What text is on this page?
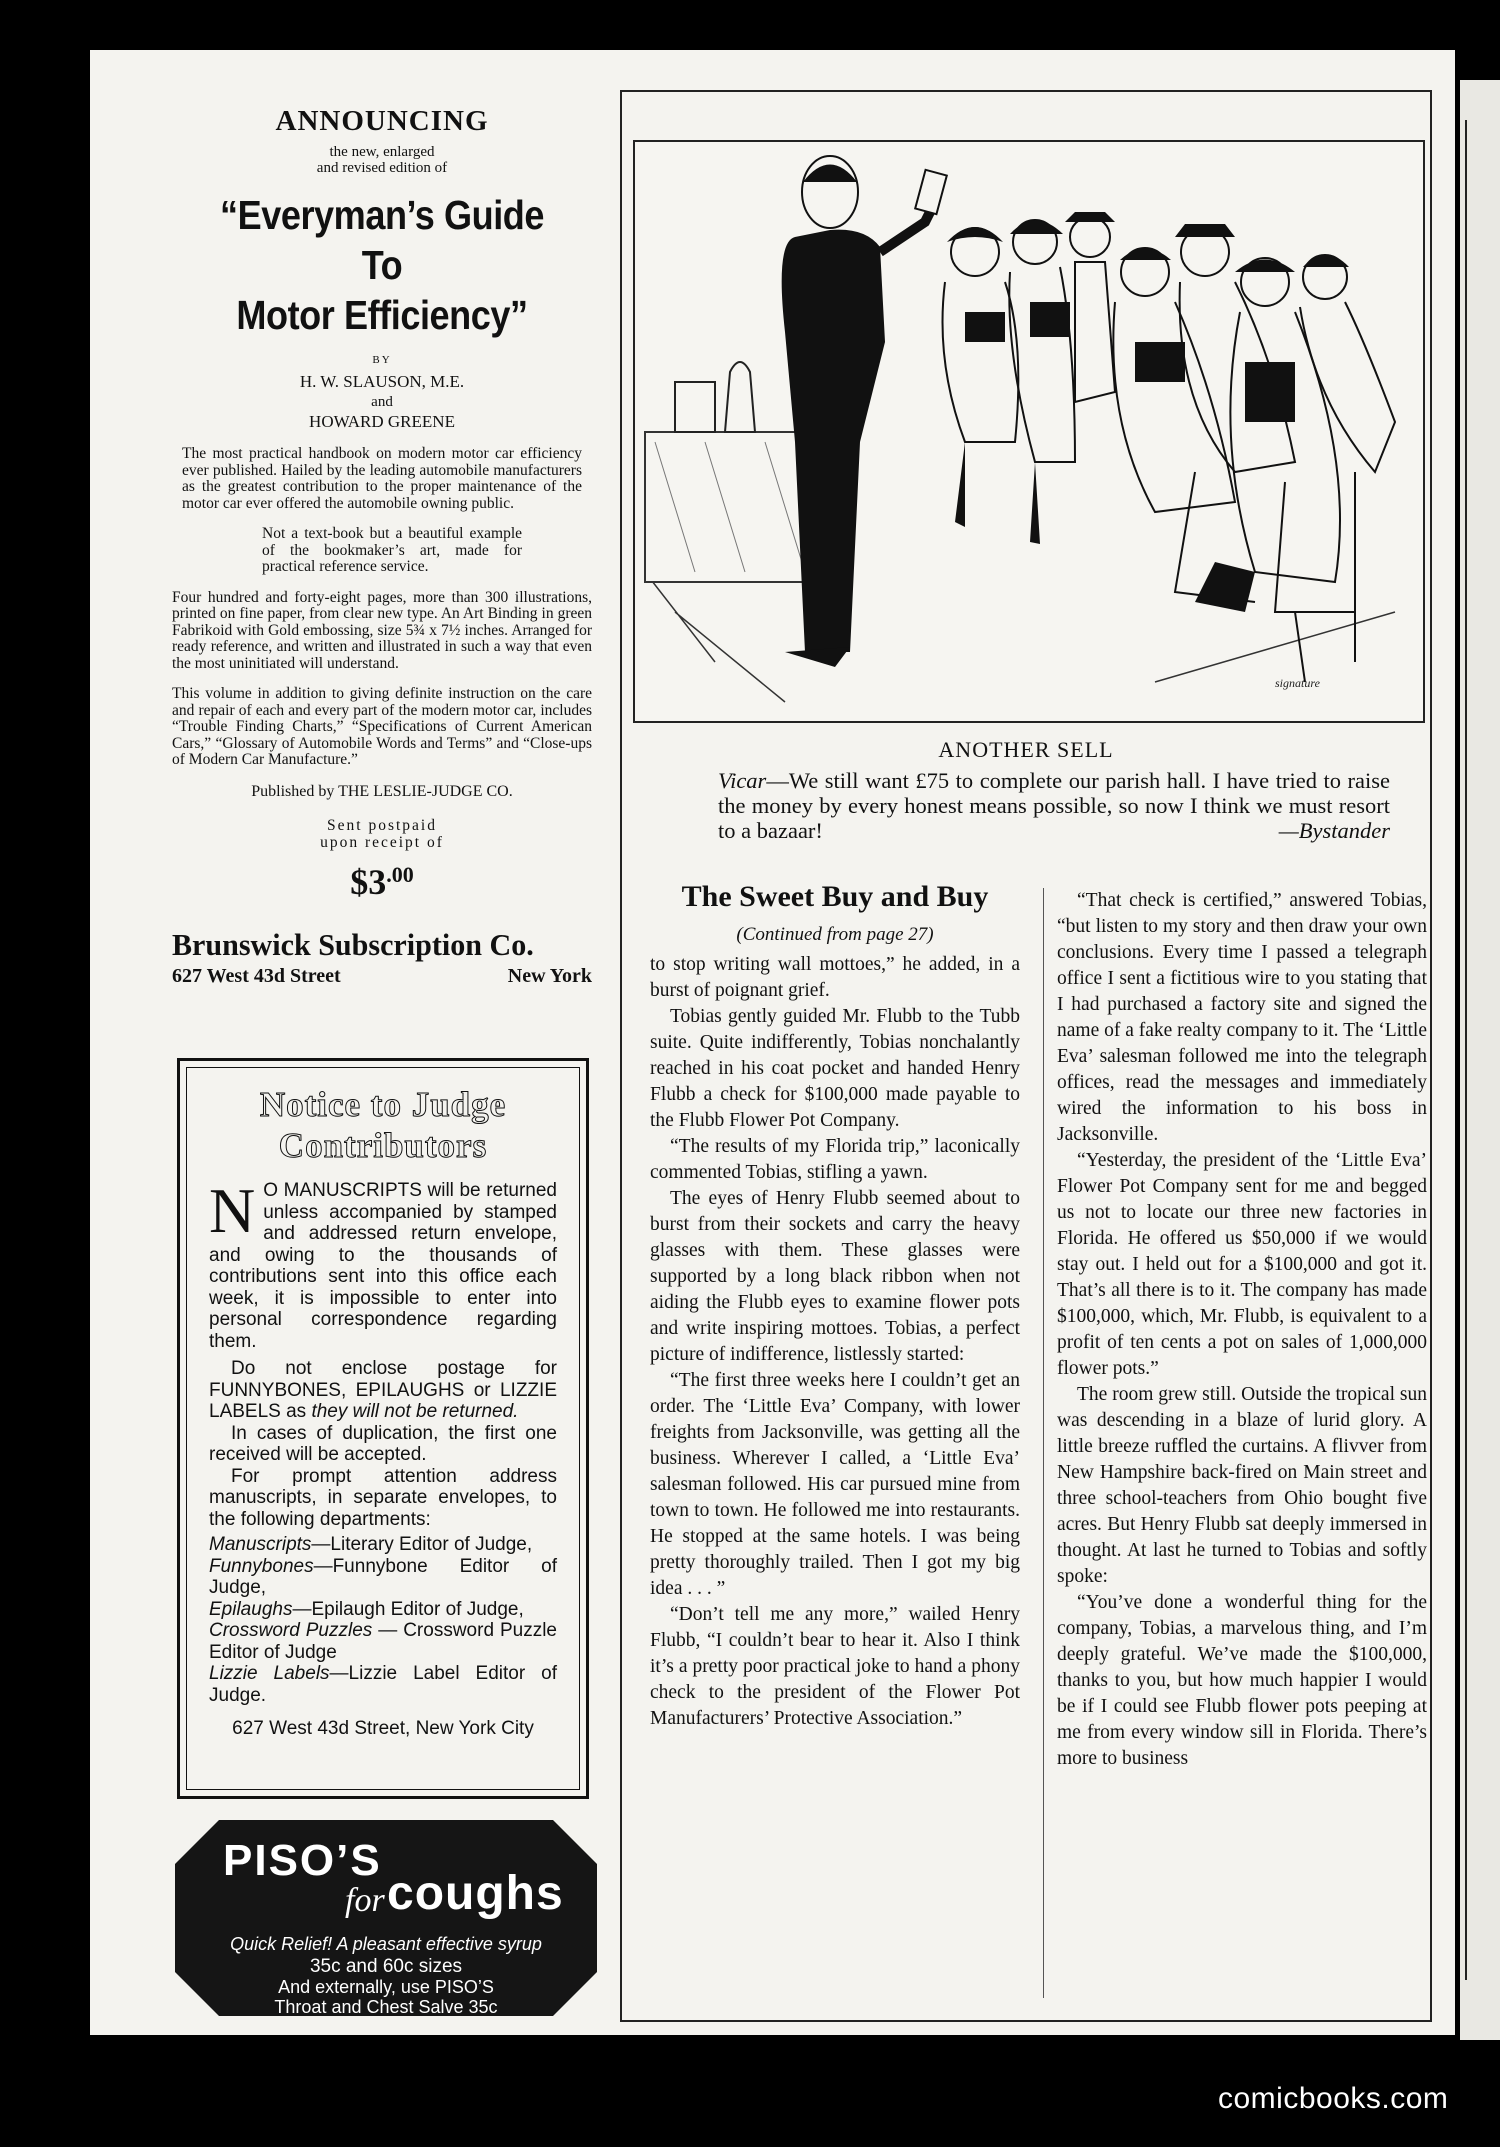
ANNOUNCING
the new, enlarged
and revised edition of
“Everyman’s Guide To
Motor Efficiency”
BY
H. W. SLAUSON, M.E.
and
HOWARD GREENE

The most practical handbook on modern motor car efficiency ever published. Hailed by the leading automobile manufacturers as the greatest contribution to the proper maintenance of the motor car ever offered the automobile owning public.

Not a text-book but a beautiful example of the bookmaker’s art, made for practical reference service.

Four hundred and forty-eight pages, more than 300 illustrations, printed on fine paper, from clear new type. An Art Binding in green Fabrikoid with Gold embossing, size 5¾ x 7½ inches. Arranged for ready reference, and written and illustrated in such a way that even the most uninitiated will understand.

This volume in addition to giving definite instruction on the care and repair of each and every part of the modern motor car, includes “Trouble Finding Charts,” “Specifications of Current American Cars,” “Glossary of Automobile Words and Terms” and “Close-ups of Modern Car Manufacture.”

Published by THE LESLIE-JUDGE CO.
Sent postpaid
upon receipt of
$\$3^{.00}$
Brunswick Subscription Co.
627 West 43d Street	New York
Notice to Judge
Contributors

N O MANUSCRIPTS will be returned unless accompanied by stamped and addressed return envelope, and owing to the thousands of contributions sent into this office each week, it is impossible to enter into personal correspondence regarding them.

Do not enclose postage for FUNNYBONES, EPILAUGHS or LIZZIE LABELS as they will not be returned.

In cases of duplication, the first one received will be accepted.

For prompt attention address manuscripts, in separate envelopes, to the following departments:

Manuscripts—Literary Editor of Judge,

Funnybones—Funnybone Editor of Judge,

Epilaughs—Epilaugh Editor of Judge,

Crossword Puzzles — Crossword Puzzle Editor of Judge

Lizzie Labels—Lizzie Label Editor of Judge.

627 West 43d Street, New York City
PISO’S
for coughs
Quick Relief! A pleasant effective syrup
35c and 60c sizes
And externally, use PISO’S
Throat and Chest Salve 35c
signature
ANOTHER SELL
Vicar—We still want £75 to complete our parish hall. I have tried to raise the money by every honest means possible, so now I think we must resort to a bazaar!	—Bystander
The Sweet Buy and Buy
(Continued from page 27)

to stop writing wall mottoes,” he added, in a burst of poignant grief.

Tobias gently guided Mr. Flubb to the Tubb suite. Quite indifferently, Tobias nonchalantly reached in his coat pocket and handed Henry Flubb a check for $100,000 made payable to the Flubb Flower Pot Company.

“The results of my Florida trip,” laconically commented Tobias, stifling a yawn.

The eyes of Henry Flubb seemed about to burst from their sockets and carry the heavy glasses with them. These glasses were supported by a long black ribbon when not aiding the Flubb eyes to examine flower pots and write inspiring mottoes. Tobias, a perfect picture of indifference, listlessly started:

“The first three weeks here I couldn’t get an order. The ‘Little Eva’ Company, with lower freights from Jacksonville, was getting all the business. Wherever I called, a ‘Little Eva’ salesman followed. His car pursued mine from town to town. He followed me into restaurants. He stopped at the same hotels. I was being pretty thoroughly trailed. Then I got my big idea . . . ”

“Don’t tell me any more,” wailed Henry Flubb, “I couldn’t bear to hear it. Also I think it’s a pretty poor practical joke to hand a phony check to the president of the Flower Pot Manufacturers’ Protective Association.”

“That check is certified,” answered Tobias, “but listen to my story and then draw your own conclusions. Every time I passed a telegraph office I sent a fictitious wire to you stating that I had purchased a factory site and signed the name of a fake realty company to it. The ‘Little Eva’ salesman followed me into the telegraph offices, read the messages and immediately wired the information to his boss in Jacksonville.

“Yesterday, the president of the ‘Little Eva’ Flower Pot Company sent for me and begged us not to locate our three new factories in Florida. He offered us $50,000 if we would stay out. I held out for a $100,000 and got it. That’s all there is to it. The company has made $100,000, which, Mr. Flubb, is equivalent to a profit of ten cents a pot on sales of 1,000,000 flower pots.”

The room grew still. Outside the tropical sun was descending in a blaze of lurid glory. A little breeze ruffled the curtains. A flivver from New Hampshire back-fired on Main street and three school-teachers from Ohio bought five acres. But Henry Flubb sat deeply immersed in thought. At last he turned to Tobias and softly spoke:

“You’ve done a wonderful thing for the company, Tobias, a marvelous thing, and I’m deeply grateful. We’ve made the $100,000, thanks to you, but how much happier I would be if I could see Flubb flower pots peeping at me from every window sill in Florida. There’s more to business

comicbooks.com
